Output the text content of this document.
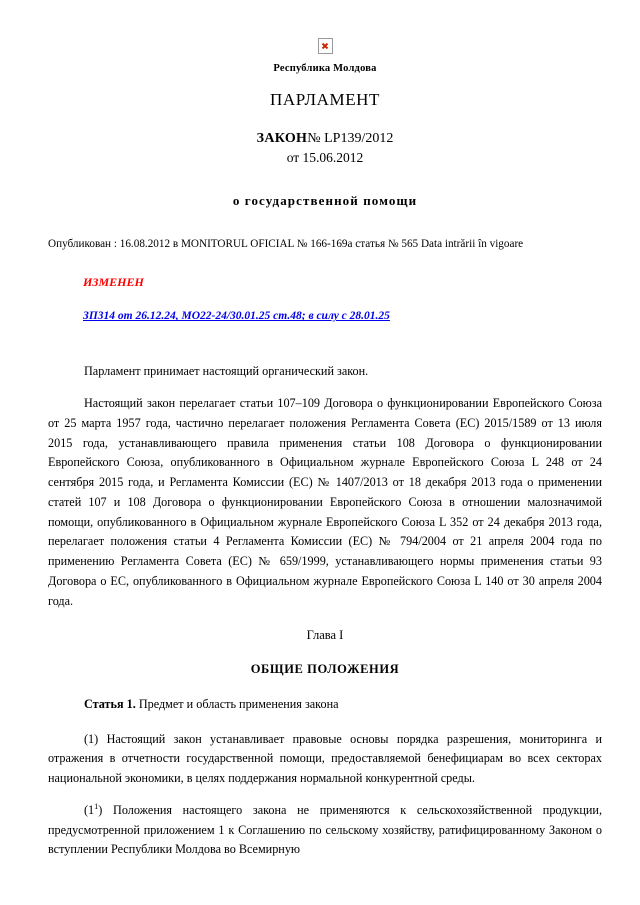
Республика Молдова
ПАРЛАМЕНТ
ЗАКОН№ LP139/2012
от 15.06.2012
о государственной помощи
Опубликован : 16.08.2012 в MONITORUL OFICIAL № 166-169a статья № 565 Data intrării în vigoare
ИЗМЕНЕН
ЗП314 от 26.12.24, МО22-24/30.01.25 ст.48; в силу с 28.01.25

Парламент принимает настоящий органический закон.

Настоящий закон перелагает статьи 107–109 Договора о функционировании Европейского Союза от 25 марта 1957 года, частично перелагает положения Регламента Совета (ЕС) 2015/1589 от 13 июля 2015 года, устанавливающего правила применения статьи 108 Договора о функционировании Европейского Союза, опубликованного в Официальном журнале Европейского Союза L 248 от 24 сентября 2015 года, и Регламента Комиссии (ЕС) № 1407/2013 от 18 декабря 2013 года о применении статей 107 и 108 Договора о функционировании Европейского Союза в отношении малозначимой помощи, опубликованного в Официальном журнале Европейского Союза L 352 от 24 декабря 2013 года, перелагает положения статьи 4 Регламента Комиссии (ЕС) № 794/2004 от 21 апреля 2004 года по применению Регламента Совета (ЕС) № 659/1999, устанавливающего нормы применения статьи 93 Договора о ЕС, опубликованного в Официальном журнале Европейского Союза L 140 от 30 апреля 2004 года.

Глава I
ОБЩИЕ ПОЛОЖЕНИЯ
Статья 1. Предмет и область применения закона

(1) Настоящий закон устанавливает правовые основы порядка разрешения, мониторинга и отражения в отчетности государственной помощи, предоставляемой бенефициарам во всех секторах национальной экономики, в целях поддержания нормальной конкурентной среды.

$(1^1)$ Положения настоящего закона не применяются к сельскохозяйственной продукции, предусмотренной приложением 1 к Соглашению по сельскому хозяйству, ратифицированному Законом о вступлении Республики Молдова во Всемирную
